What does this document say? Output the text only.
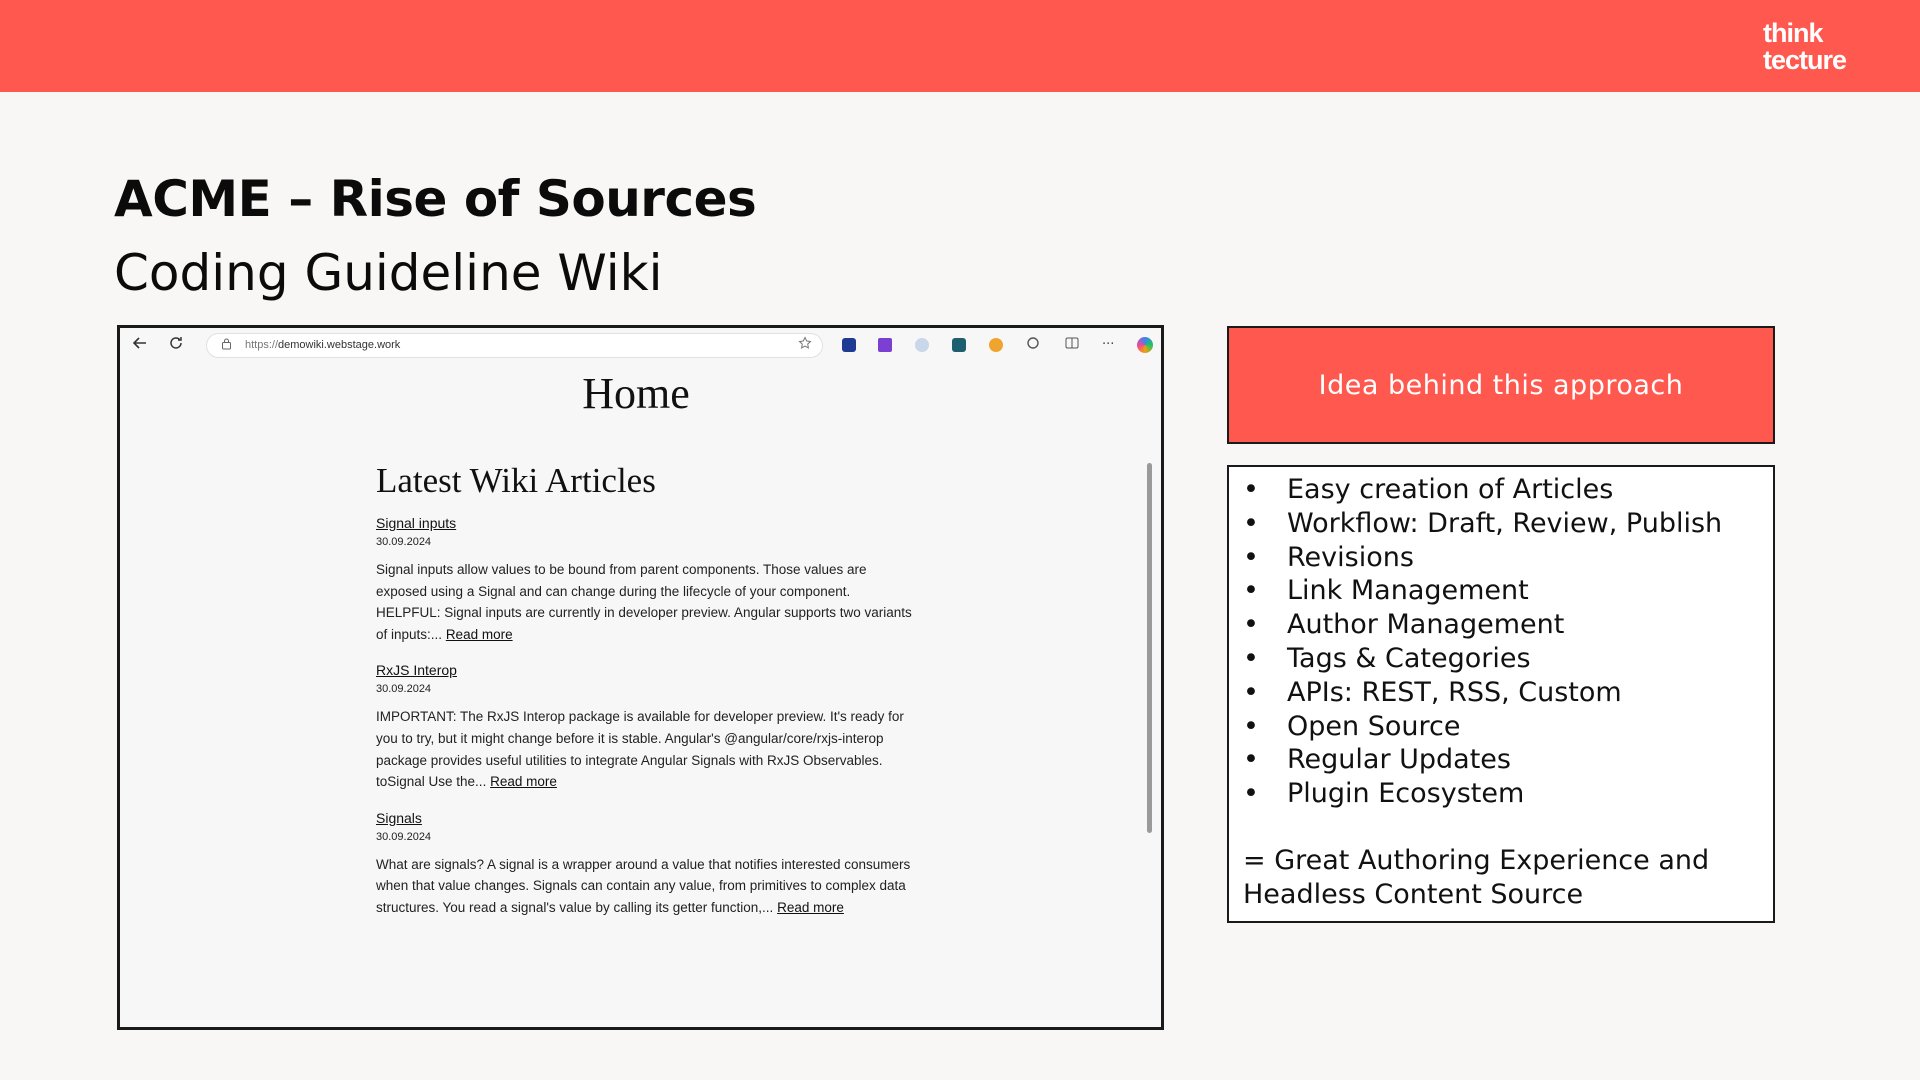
think
tecture
ACME – Rise of Sources
Coding Guideline Wiki
https://demowiki.webstage.work	···
Home
Latest Wiki Articles
Signal inputs
30.09.2024
Signal inputs allow values to be bound from parent components. Those values are exposed using a Signal and can change during the lifecycle of your component. HELPFUL: Signal inputs are currently in developer preview. Angular supports two variants of inputs:... Read more
RxJS Interop
30.09.2024
IMPORTANT: The RxJS Interop package is available for developer preview. It's ready for you to try, but it might change before it is stable. Angular's @angular/core/rxjs-interop package provides useful utilities to integrate Angular Signals with RxJS Observables. toSignal Use the... Read more
Signals
30.09.2024
What are signals? A signal is a wrapper around a value that notifies interested consumers when that value changes. Signals can contain any value, from primitives to complex data structures. You read a signal's value by calling its getter function,... Read more
Idea behind this approach
• Easy creation of Articles
• Workflow: Draft, Review, Publish
• Revisions
• Link Management
• Author Management
• Tags & Categories
• APIs: REST, RSS, Custom
• Open Source
• Regular Updates
• Plugin Ecosystem
= Great Authoring Experience and Headless Content Source
